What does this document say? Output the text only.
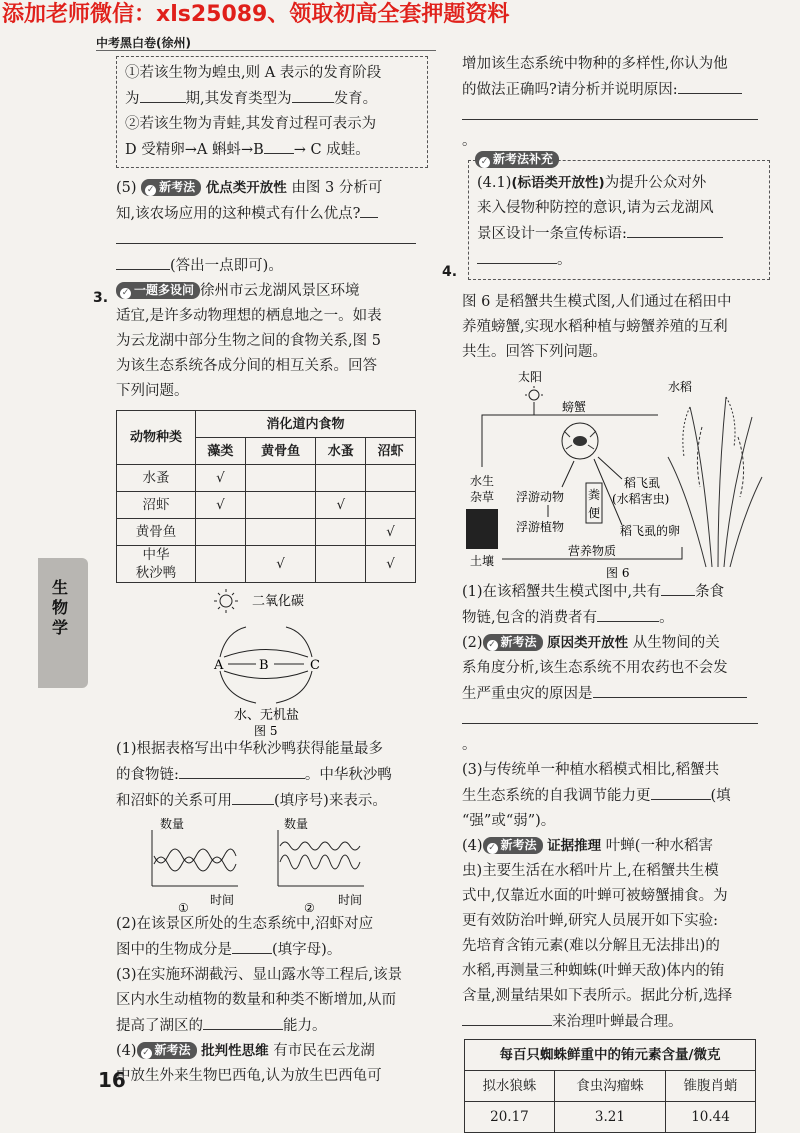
添加老师微信：xls25089、领取初高全套押题资料
中考黑白卷(徐州)
生物学

①若该生物为蝗虫,则 A 表示的发育阶段

为	期,其发育类型为	发育。

②若该生物为青蛙,其发育过程可表示为

D 受精卵→A 蝌蚪→B → C 成蛙。

(5) ✓ 新考法 优点类开放性 由图 3 分析可

知,该农场应用的这种模式有什么优点?

(答出一点即可)。

✓ 一题多设问 徐州市云龙湖风景区环境

适宜,是许多动物理想的栖息地之一。如表

为云龙湖中部分生物之间的食物关系,图 5

为该生态系统各成分间的相互关系。回答

下列问题。

动物种类	消化道内食物			
	藻类	黄骨鱼	水蚤	沼虾
水蚤	√			
沼虾	√		√	
黄骨鱼				√

中华
秋沙鸭		√		√
二氧化碳
A	B	C
水、无机盐
图 5

(1)根据表格写出中华秋沙鸭获得能量最多

的食物链:	。中华秋沙鸭

和沼虾的关系可用	(填序号)来表示。

数量
时间
①
数量
时间
②

(2)在该景区所处的生态系统中,沼虾对应

图中的生物成分是	(填字母)。

(3)在实施环湖截污、显山露水等工程后,该景

区内水生动植物的数量和种类不断增加,从而

提高了湖区的	能力。

(4) ✓ 新考法 批判性思维 有市民在云龙湖

中放生外来生物巴西龟,认为放生巴西龟可

3.

增加该生态系统中物种的多样性,你认为他

的做法正确吗?请分析并说明原因:

。

✓ 新考法补充

(4.1)(标语类开放性)为提升公众对外

来入侵物种防控的意识,请为云龙湖风

景区设计一条宣传标语:

。

图 6 是稻蟹共生模式图,人们通过在稻田中

养殖螃蟹,实现水稻种植与螃蟹养殖的互利

共生。回答下列问题。

太阳
螃蟹
水稻
水生
杂草
土壤
浮游动物
浮游植物
粪
便
稻飞虱
(水稻害虫)
稻飞虱的卵
营养物质
图 6

(1)在该稻蟹共生模式图中,共有 条食

物链,包含的消费者有	。

(2) ✓ 新考法 原因类开放性 从生物间的关

系角度分析,该生态系统不用农药也不会发

生严重虫灾的原因是

。

(3)与传统单一种植水稻模式相比,稻蟹共

生生态系统的自我调节能力更	(填

“强”或“弱”)。

(4) ✓ 新考法 证据推理 叶蝉(一种水稻害

虫)主要生活在水稻叶片上,在稻蟹共生模

式中,仅靠近水面的叶蝉可被螃蟹捕食。为

更有效防治叶蝉,研究人员展开如下实验:

先培育含铕元素(难以分解且无法排出)的

水稻,再测量三种蜘蛛(叶蝉天敌)体内的铕

含量,测量结果如下表所示。据此分析,选择

来治理叶蝉最合理。

每百只蜘蛛鲜重中的铕元素含量/微克		
拟水狼蛛	食虫沟瘤蛛	锥腹肖蛸
20.17	3.21	10.44
4.
16
